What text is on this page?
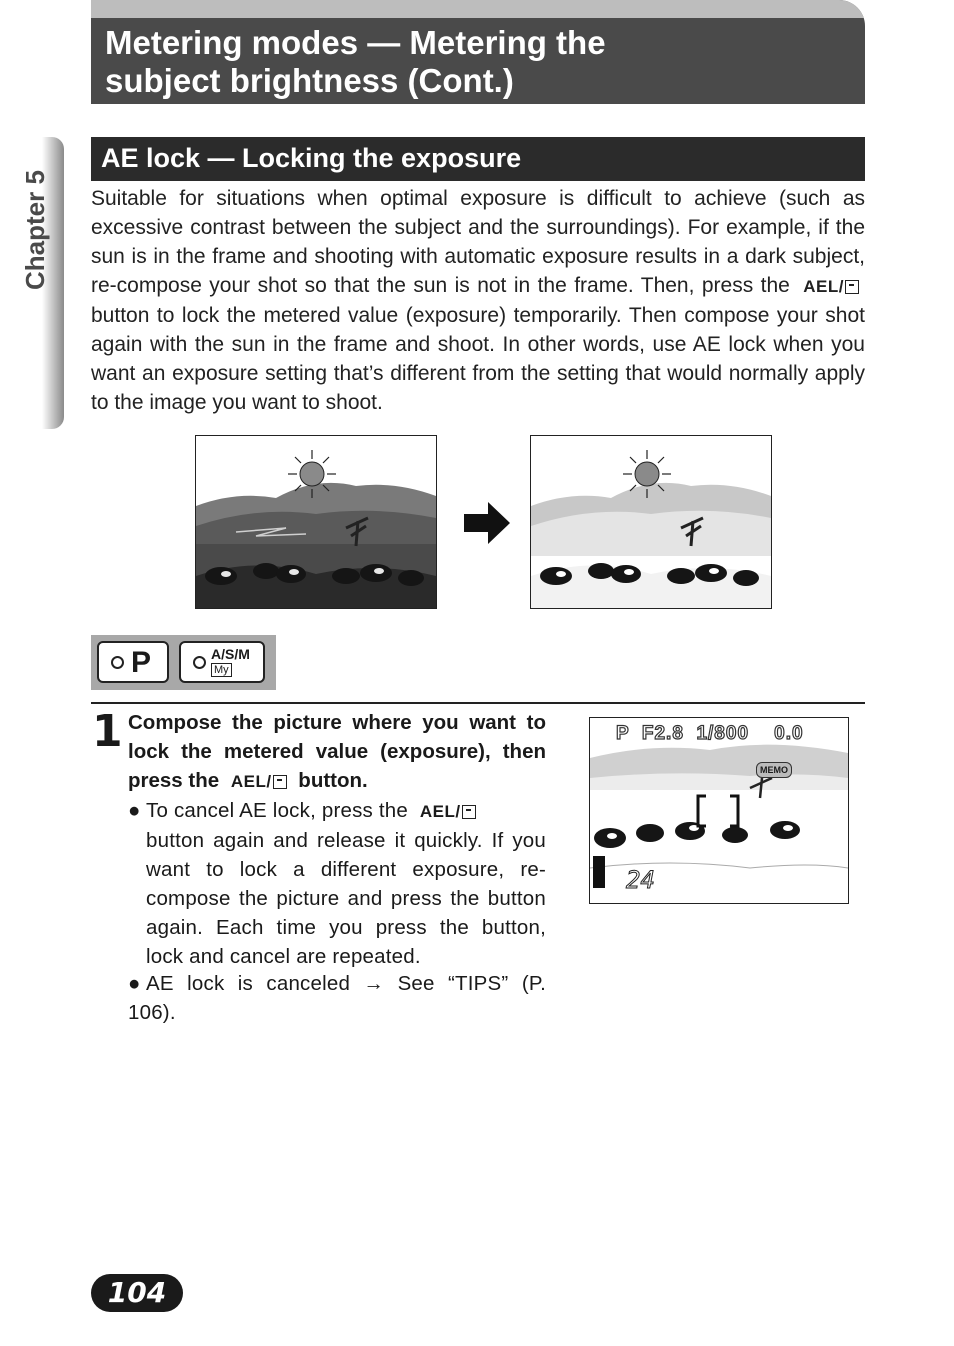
Metering modes — Metering the
subject brightness (Cont.)
Chapter 5
AE lock — Locking the exposure

Suitable for situations when optimal exposure is difficult to achieve (such as excessive contrast between the subject and the surroundings). For example, if the sun is in the frame and shooting with automatic exposure results in a dark subject, re-compose your shot so that the sun is not in the frame. Then, press the AEL/ button to lock the metered value (exposure) temporarily. Then compose your shot again with the sun in the frame and shoot. In other words, use AE lock when you want an exposure setting that’s different from the setting that would normally apply to the image you want to shoot.

P	A/S/M
My
1 Compose the picture where you want to lock the metered value (exposure), then press the AEL/ button.

● To cancel AE lock, press the AEL/
button again and release it quickly. If you want to lock a different exposure, re-compose the picture and press the button again. Each time you press the button, lock and cancel are repeated.

● AE lock is canceled → See “TIPS” (P. 106).

P  F2.8  1/800    0.0
MEMO
24
104
